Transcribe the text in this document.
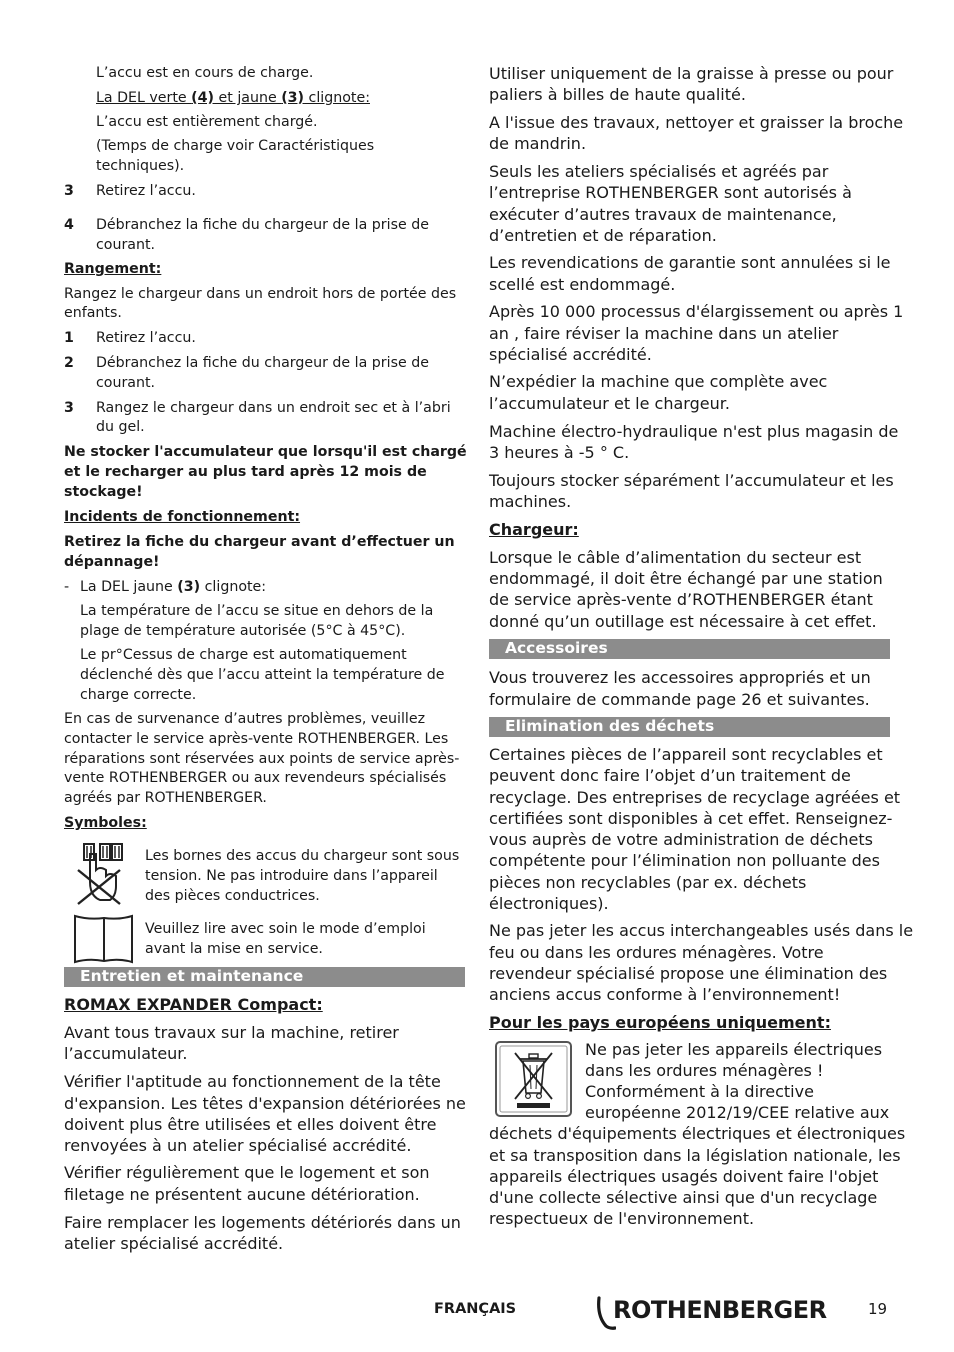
L’accu est en cours de charge.
La DEL verte (4) et jaune (3) clignote:
L’accu est entièrement chargé.
(Temps de charge voir Caractéristiques
techniques).
3 Retirez l’accu.
4 Débranchez la fiche du chargeur de la prise de
courant.
Rangement:
Rangez le chargeur dans un endroit hors de portée des
enfants.
1 Retirez l’accu.
2 Débranchez la fiche du chargeur de la prise de
courant.
3 Rangez le chargeur dans un endroit sec et à l’abri
du gel.
Ne stocker l'accumulateur que lorsqu'il est chargé
et le recharger au plus tard après 12 mois de
stockage!
Incidents de fonctionnement:
Retirez la fiche du chargeur avant d’effectuer un
dépannage!
- La DEL jaune (3) clignote:
La température de l’accu se situe en dehors de la
plage de température autorisée (5°C à 45°C).
Le pr°Cessus de charge est automatiquement
déclenché dès que l’accu atteint la température de
charge correcte.
En cas de survenance d’autres problèmes, veuillez
contacter le service après-vente ROTHENBERGER. Les
réparations sont réservées aux points de service après-
vente ROTHENBERGER ou aux revendeurs spécialisés
agréés par ROTHENBERGER.
Symboles:
Les bornes des accus du chargeur sont sous
tension. Ne pas introduire dans l’appareil
des pièces conductrices.
Veuillez lire avec soin le mode d’emploi
avant la mise en service.
Entretien et maintenance
ROMAX EXPANDER Compact:
Avant tous travaux sur la machine, retirer
l’accumulateur.
Vérifier l'aptitude au fonctionnement de la tête
d'expansion. Les têtes d'expansion détériorées ne
doivent plus être utilisées et elles doivent être
renvoyées à un atelier spécialisé accrédité.
Vérifier régulièrement que le logement et son
filetage ne présentent aucune détérioration.
Faire remplacer les logements détériorés dans un
atelier spécialisé accrédité.
Utiliser uniquement de la graisse à presse ou pour
paliers à billes de haute qualité.
A l'issue des travaux, nettoyer et graisser la broche
de mandrin.
Seuls les ateliers spécialisés et agréés par
l’entreprise ROTHENBERGER sont autorisés à
exécuter d’autres travaux de maintenance,
d’entretien et de réparation.
Les revendications de garantie sont annulées si le
scellé est endommagé.
Après 10 000 processus d'élargissement ou après 1
an , faire réviser la machine dans un atelier
spécialisé accrédité.
N’expédier la machine que complète avec
l’accumulateur et le chargeur.
Machine électro-hydraulique n'est plus magasin de
3 heures à -5 ° C.
Toujours stocker séparément l’accumulateur et les
machines.
Chargeur:
Lorsque le câble d’alimentation du secteur est
endommagé, il doit être échangé par une station
de service après-vente d’ROTHENBERGER étant
donné qu’un outillage est nécessaire à cet effet.
Accessoires
Vous trouverez les accessoires appropriés et un
formulaire de commande page 26 et suivantes.
Elimination des déchets
Certaines pièces de l’appareil sont recyclables et
peuvent donc faire l’objet d’un traitement de
recyclage. Des entreprises de recyclage agréées et
certifiées sont disponibles à cet effet. Renseignez-
vous auprès de votre administration de déchets
compétente pour l’élimination non polluante des
pièces non recyclables (par ex. déchets
électroniques).
Ne pas jeter les accus interchangeables usés dans le
feu ou dans les ordures ménagères. Votre
revendeur spécialisé propose une élimination des
anciens accus conforme à l’environnement!
Pour les pays européens uniquement:
Ne pas jeter les appareils électriques
dans les ordures ménagères !
Conformément à la directive
européenne 2012/19/CEE relative aux
déchets d'équipements électriques et électroniques
et sa transposition dans la législation nationale, les
appareils électriques usagés doivent faire l'objet
d'une collecte sélective ainsi que d'un recyclage
respectueux de l'environnement.
FRANÇAIS	ROTHENBERGER	19
